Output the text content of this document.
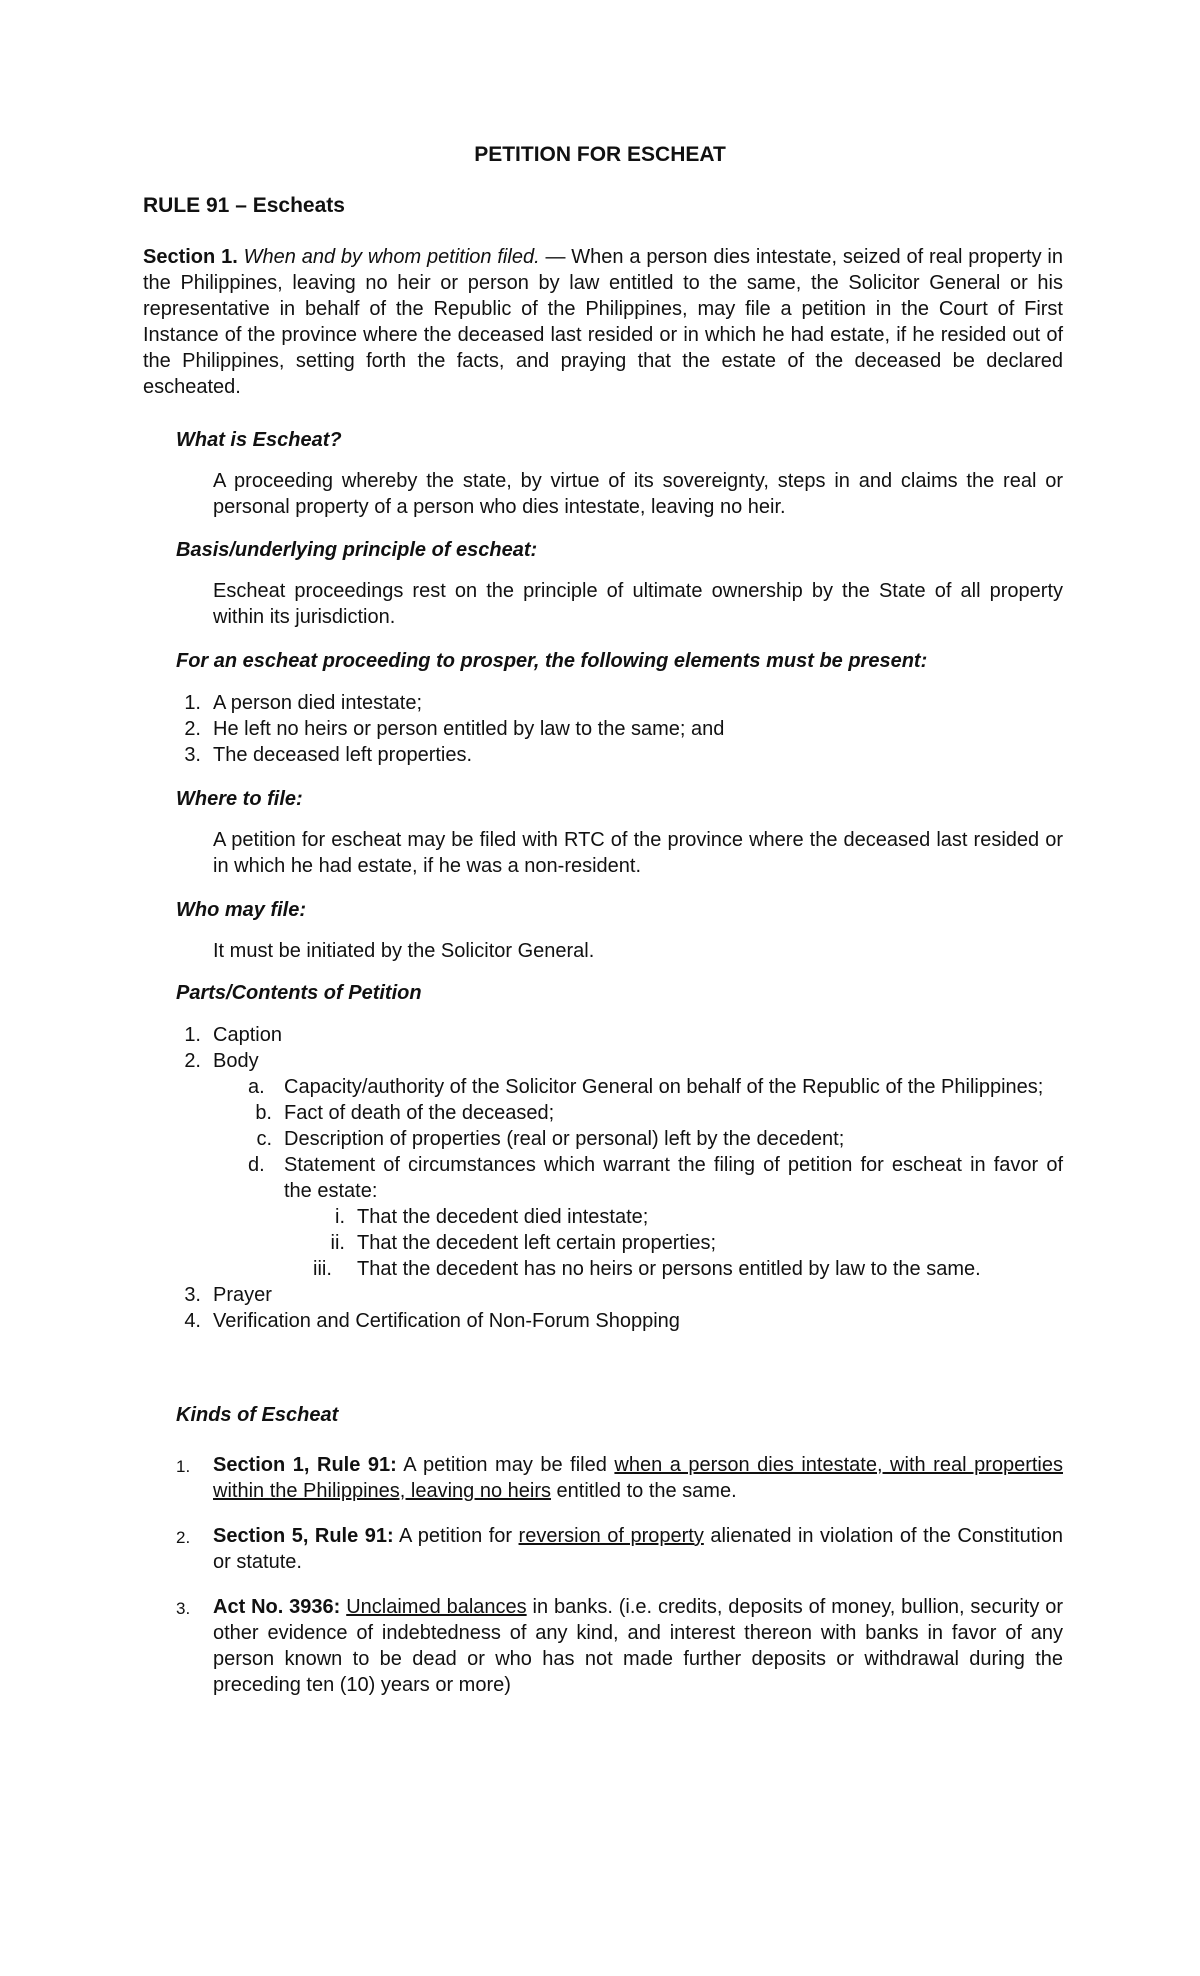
PETITION FOR ESCHEAT
RULE 91 – Escheats

Section 1. When and by whom petition filed. — When a person dies intestate, seized of real property in the Philippines, leaving no heir or person by law entitled to the same, the Solicitor General or his representative in behalf of the Republic of the Philippines, may file a petition in the Court of First Instance of the province where the deceased last resided or in which he had estate, if he resided out of the Philippines, setting forth the facts, and praying that the estate of the deceased be declared escheated.

What is Escheat?
A proceeding whereby the state, by virtue of its sovereignty, steps in and claims the real or personal property of a person who dies intestate, leaving no heir.
Basis/underlying principle of escheat:
Escheat proceedings rest on the principle of ultimate ownership by the State of all property within its jurisdiction.
For an escheat proceeding to prosper, the following elements must be present:
1. A person died intestate;
2. He left no heirs or person entitled by law to the same; and
3. The deceased left properties.
Where to file:
A petition for escheat may be filed with RTC of the province where the deceased last resided or in which he had estate, if he was a non-resident.
Who may file:
It must be initiated by the Solicitor General.
Parts/Contents of Petition
1. Caption
2. Body
a. Capacity/authority of the Solicitor General on behalf of the Republic of the Philippines;
b. Fact of death of the deceased;
c. Description of properties (real or personal) left by the decedent;
d. Statement of circumstances which warrant the filing of petition for escheat in favor of the estate:
i. That the decedent died intestate;
ii. That the decedent left certain properties;
iii.	That the decedent has no heirs or persons entitled by law to the same.
3. Prayer
4. Verification and Certification of Non-Forum Shopping
Kinds of Escheat
1. Section 1, Rule 91: A petition may be filed when a person dies intestate, with real properties within the Philippines, leaving no heirs entitled to the same.

2. Section 5, Rule 91: A petition for reversion of property alienated in violation of the Constitution or statute.

3. Act No. 3936: Unclaimed balances in banks. (i.e. credits, deposits of money, bullion, security or other evidence of indebtedness of any kind, and interest thereon with banks in favor of any person known to be dead or who has not made further deposits or withdrawal during the preceding ten (10) years or more)
